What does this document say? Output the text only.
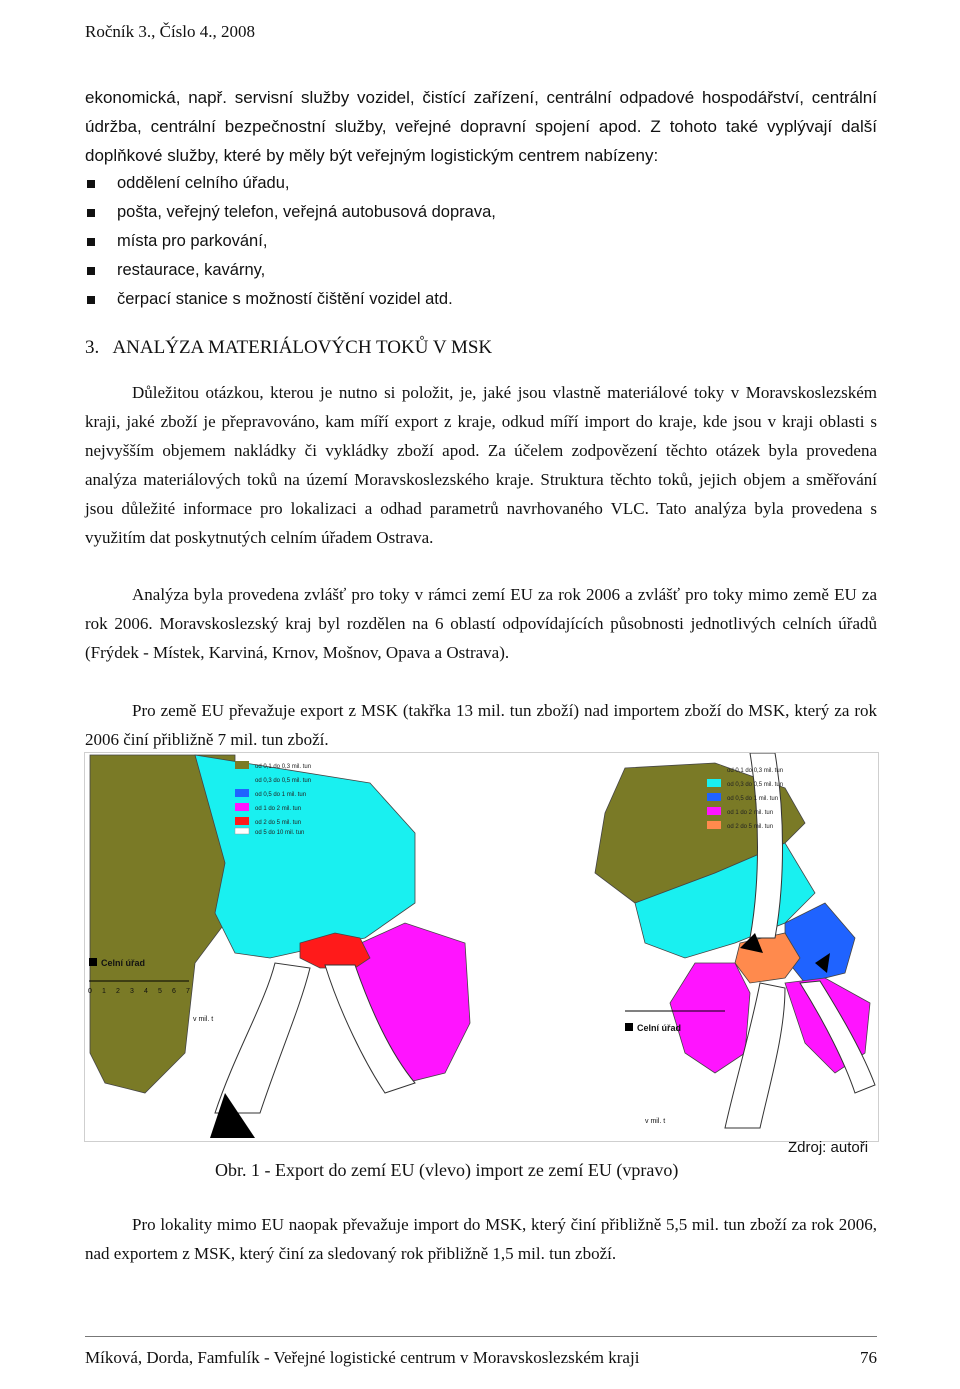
Ročník 3., Číslo 4., 2008
ekonomická, např. servisní služby vozidel, čistící zařízení, centrální odpadové hospodářství, centrální údržba, centrální bezpečnostní služby, veřejné dopravní spojení apod. Z tohoto také vyplývají další doplňkové služby, které by měly být veřejným logistickým centrem nabízeny:
oddělení celního úřadu,
pošta, veřejný telefon, veřejná autobusová doprava,
místa pro parkování,
restaurace, kavárny,
čerpací stanice s možností čištění vozidel atd.
3. ANALÝZA MATERIÁLOVÝCH TOKŮ V MSK
Důležitou otázkou, kterou je nutno si položit, je, jaké jsou vlastně materiálové toky v Moravskoslezském kraji, jaké zboží je přepravováno, kam míří export z kraje, odkud míří import do kraje, kde jsou v kraji oblasti s nejvyšším objemem nakládky či vykládky zboží apod. Za účelem zodpovězení těchto otázek byla provedena analýza materiálových toků na území Moravskoslezského kraje. Struktura těchto toků, jejich objem a směřování jsou důležité informace pro lokalizaci a odhad parametrů navrhovaného VLC. Tato analýza byla provedena s využitím dat poskytnutých celním úřadem Ostrava.
Analýza byla provedena zvlášť pro toky v rámci zemí EU za rok 2006 a zvlášť pro toky mimo země EU za rok 2006. Moravskoslezský kraj byl rozdělen na 6 oblastí odpovídajících působnosti jednotlivých celních úřadů (Frýdek - Místek, Karviná, Krnov, Mošnov, Opava a Ostrava).
Pro země EU převažuje export z MSK (takřka 13 mil. tun zboží) nad importem zboží do MSK, který za rok 2006 činí přibližně 7 mil. tun zboží.
od 0,1 do 0,3 mil. tun
od 0,3 do 0,5 mil. tun
od 0,5 do 1 mil. tun
od 1 do 2 mil. tun
od 2 do 5 mil. tun
od 5 do 10 mil. tun
Celní úřad
0 1 2 3 4 5 6 7
v mil. t
od 0,1 do 0,3 mil. tun
od 0,3 do 0,5 mil. tun
od 0,5 do 1 mil. tun
od 1 do 2 mil. tun
od 2 do 5 mil. tun
Celní úřad
v mil. t
Zdroj: autoři
Obr. 1 - Export do zemí EU (vlevo) import ze zemí EU (vpravo)
Pro lokality mimo EU naopak převažuje import do MSK, který činí přibližně 5,5 mil. tun zboží za rok 2006, nad exportem z MSK, který činí za sledovaný rok přibližně 1,5 mil. tun zboží.
Míková, Dorda, Famfulík - Veřejné logistické centrum v Moravskoslezském kraji	76
